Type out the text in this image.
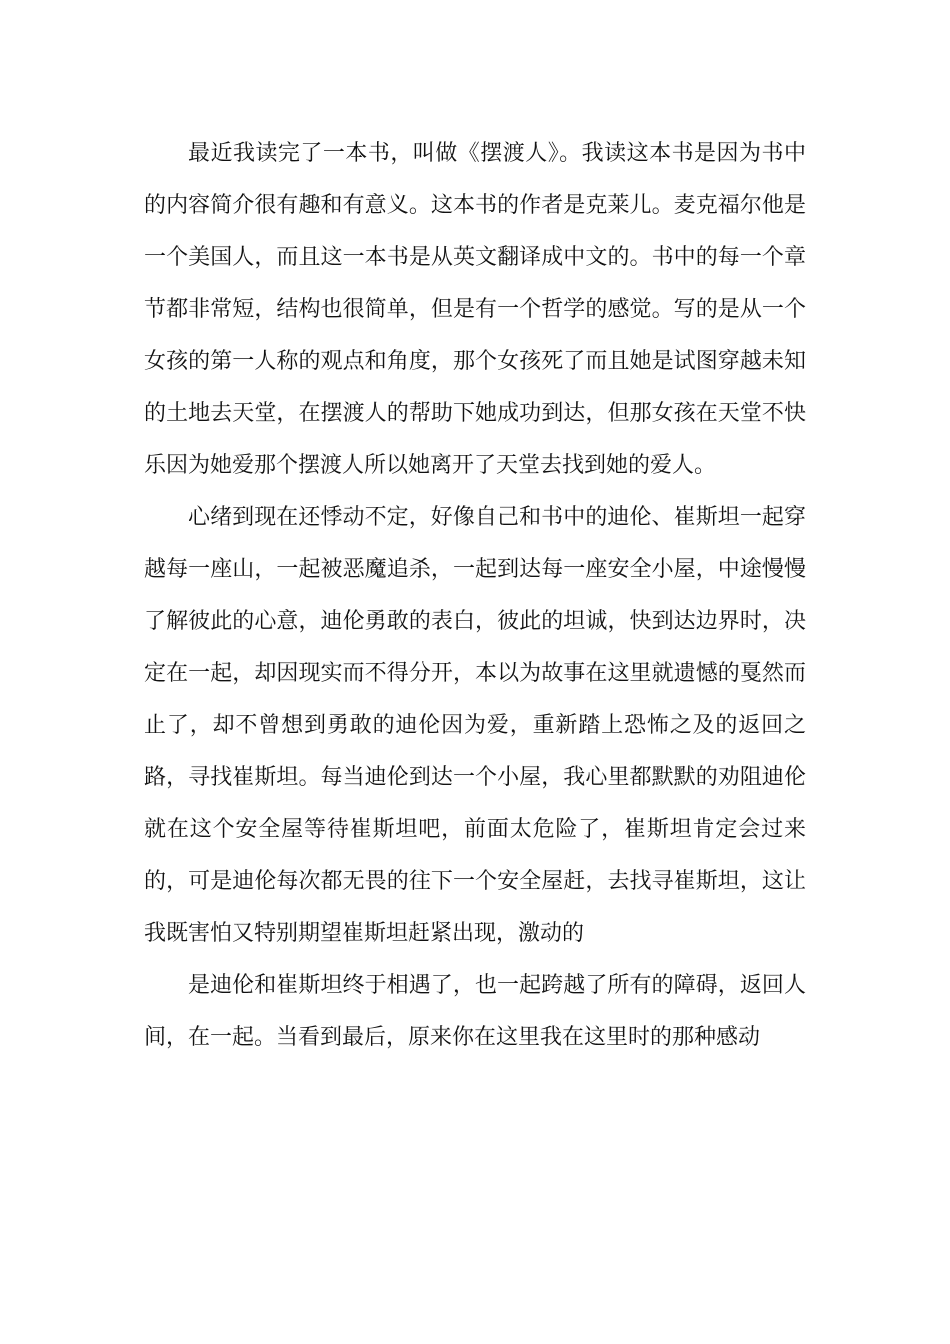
最近我读完了一本书，叫做《摆渡人》。我读这本书是因为书中的内容简介很有趣和有意义。这本书的作者是克莱儿。麦克福尔他是一个美国人，而且这一本书是从英文翻译成中文的。书中的每一个章节都非常短，结构也很简单，但是有一个哲学的感觉。写的是从一个女孩的第一人称的观点和角度，那个女孩死了而且她是试图穿越未知的土地去天堂，在摆渡人的帮助下她成功到达，但那女孩在天堂不快乐因为她爱那个摆渡人所以她离开了天堂去找到她的爱人。

心绪到现在还悸动不定，好像自己和书中的迪伦、崔斯坦一起穿越每一座山，一起被恶魔追杀，一起到达每一座安全小屋，中途慢慢了解彼此的心意，迪伦勇敢的表白，彼此的坦诚，快到达边界时，决定在一起，却因现实而不得分开，本以为故事在这里就遗憾的戛然而止了，却不曾想到勇敢的迪伦因为爱，重新踏上恐怖之及的返回之路，寻找崔斯坦。每当迪伦到达一个小屋，我心里都默默的劝阻迪伦就在这个安全屋等待崔斯坦吧，前面太危险了，崔斯坦肯定会过来的，可是迪伦每次都无畏的往下一个安全屋赶，去找寻崔斯坦，这让我既害怕又特别期望崔斯坦赶紧出现，激动的

是迪伦和崔斯坦终于相遇了，也一起跨越了所有的障碍，返回人间，在一起。当看到最后，原来你在这里我在这里时的那种感动
